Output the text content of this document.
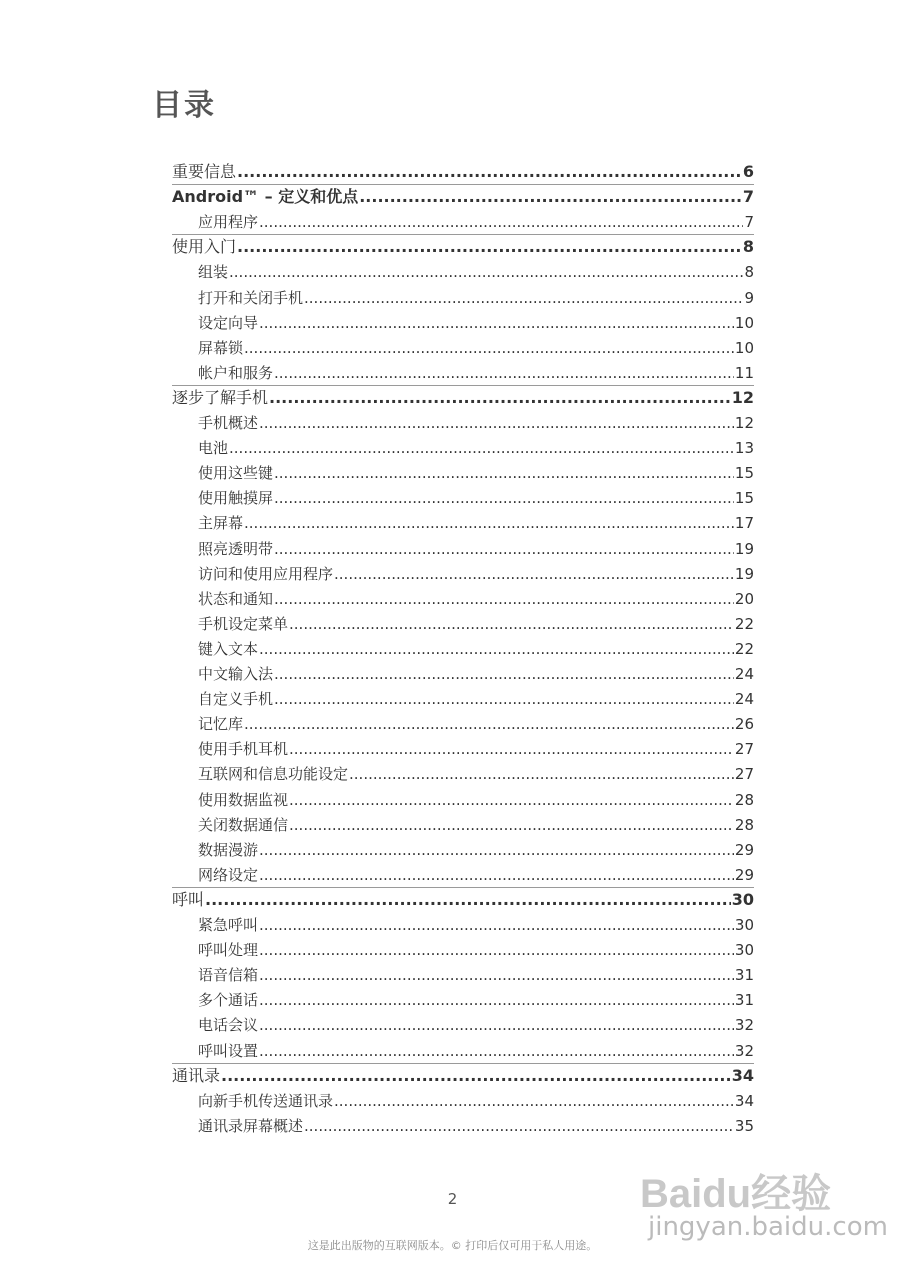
目录
2
这是此出版物的互联网版本。© 打印后仅可用于私人用途。
Baidu经验
jingyan.baidu.com
重要信息 .....	6
Android™ – 定义和优点 .....	7
应用程序 .....	7
使用入门 .....	8
组装 .....	8
打开和关闭手机 .....	9
设定向导 .....	10
屏幕锁 .....	10
帐户和服务 .....	11
逐步了解手机 .....	12
手机概述 .....	12
电池 .....	13
使用这些键 .....	15
使用触摸屏 .....	15
主屏幕 .....	17
照亮透明带 .....	19
访问和使用应用程序 .....	19
状态和通知 .....	20
手机设定菜单 .....	22
键入文本 .....	22
中文输入法 .....	24
自定义手机 .....	24
记忆库 .....	26
使用手机耳机 .....	27
互联网和信息功能设定 .....	27
使用数据监视 .....	28
关闭数据通信 .....	28
数据漫游 .....	29
网络设定 .....	29
呼叫 .....	30
紧急呼叫 .....	30
呼叫处理 .....	30
语音信箱 .....	31
多个通话 .....	31
电话会议 .....	32
呼叫设置 .....	32
通讯录 .....	34
向新手机传送通讯录 .....	34
通讯录屏幕概述 .....	35
